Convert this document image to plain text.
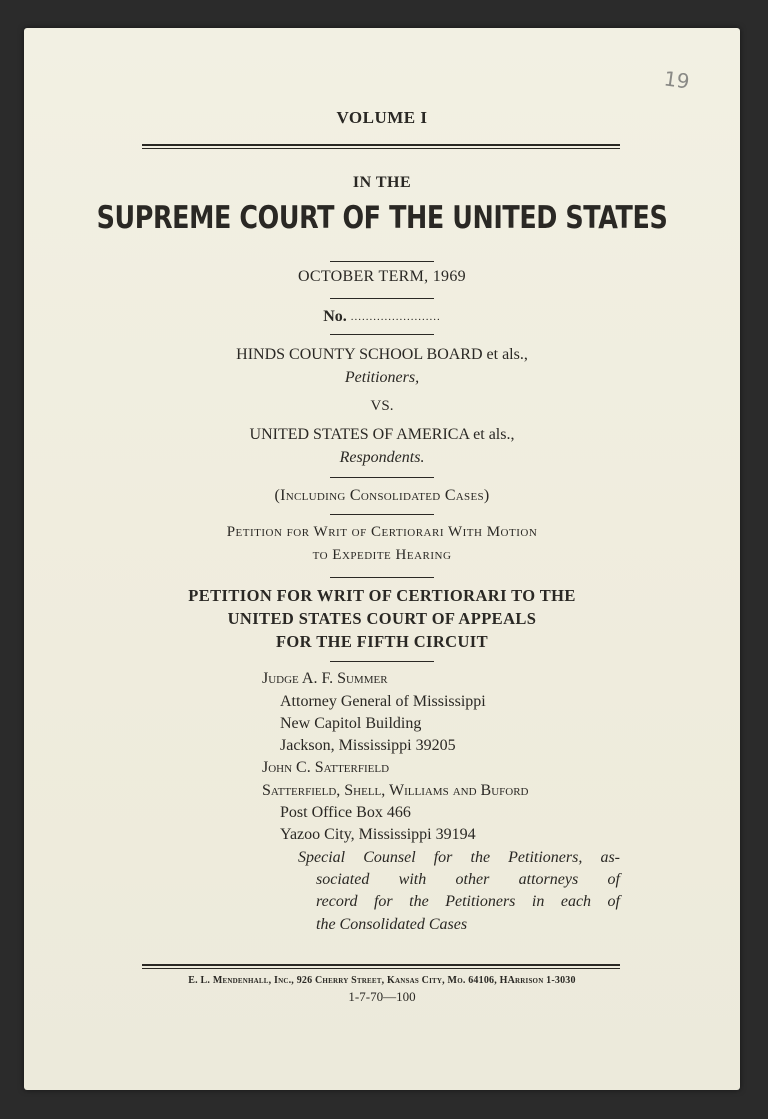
19
VOLUME I
IN THE
SUPREME COURT OF THE UNITED STATES
OCTOBER TERM, 1969
No. ........................
HINDS COUNTY SCHOOL BOARD et als.,
Petitioners,
VS.
UNITED STATES OF AMERICA et als.,
Respondents.
(Including Consolidated Cases)
Petition for Writ of Certiorari With Motion
to Expedite Hearing
PETITION FOR WRIT OF CERTIORARI TO THE
UNITED STATES COURT OF APPEALS
FOR THE FIFTH CIRCUIT
Judge A. F. Summer
Attorney General of Mississippi
New Capitol Building
Jackson, Mississippi 39205
John C. Satterfield
Satterfield, Shell, Williams and Buford
Post Office Box 466
Yazoo City, Mississippi 39194
Special Counsel for the Petitioners, as-
sociated with other attorneys of
record for the Petitioners in each of
the Consolidated Cases
E. L. Mendenhall, Inc., 926 Cherry Street, Kansas City, Mo. 64106, HArrison 1-3030
1-7-70—100
